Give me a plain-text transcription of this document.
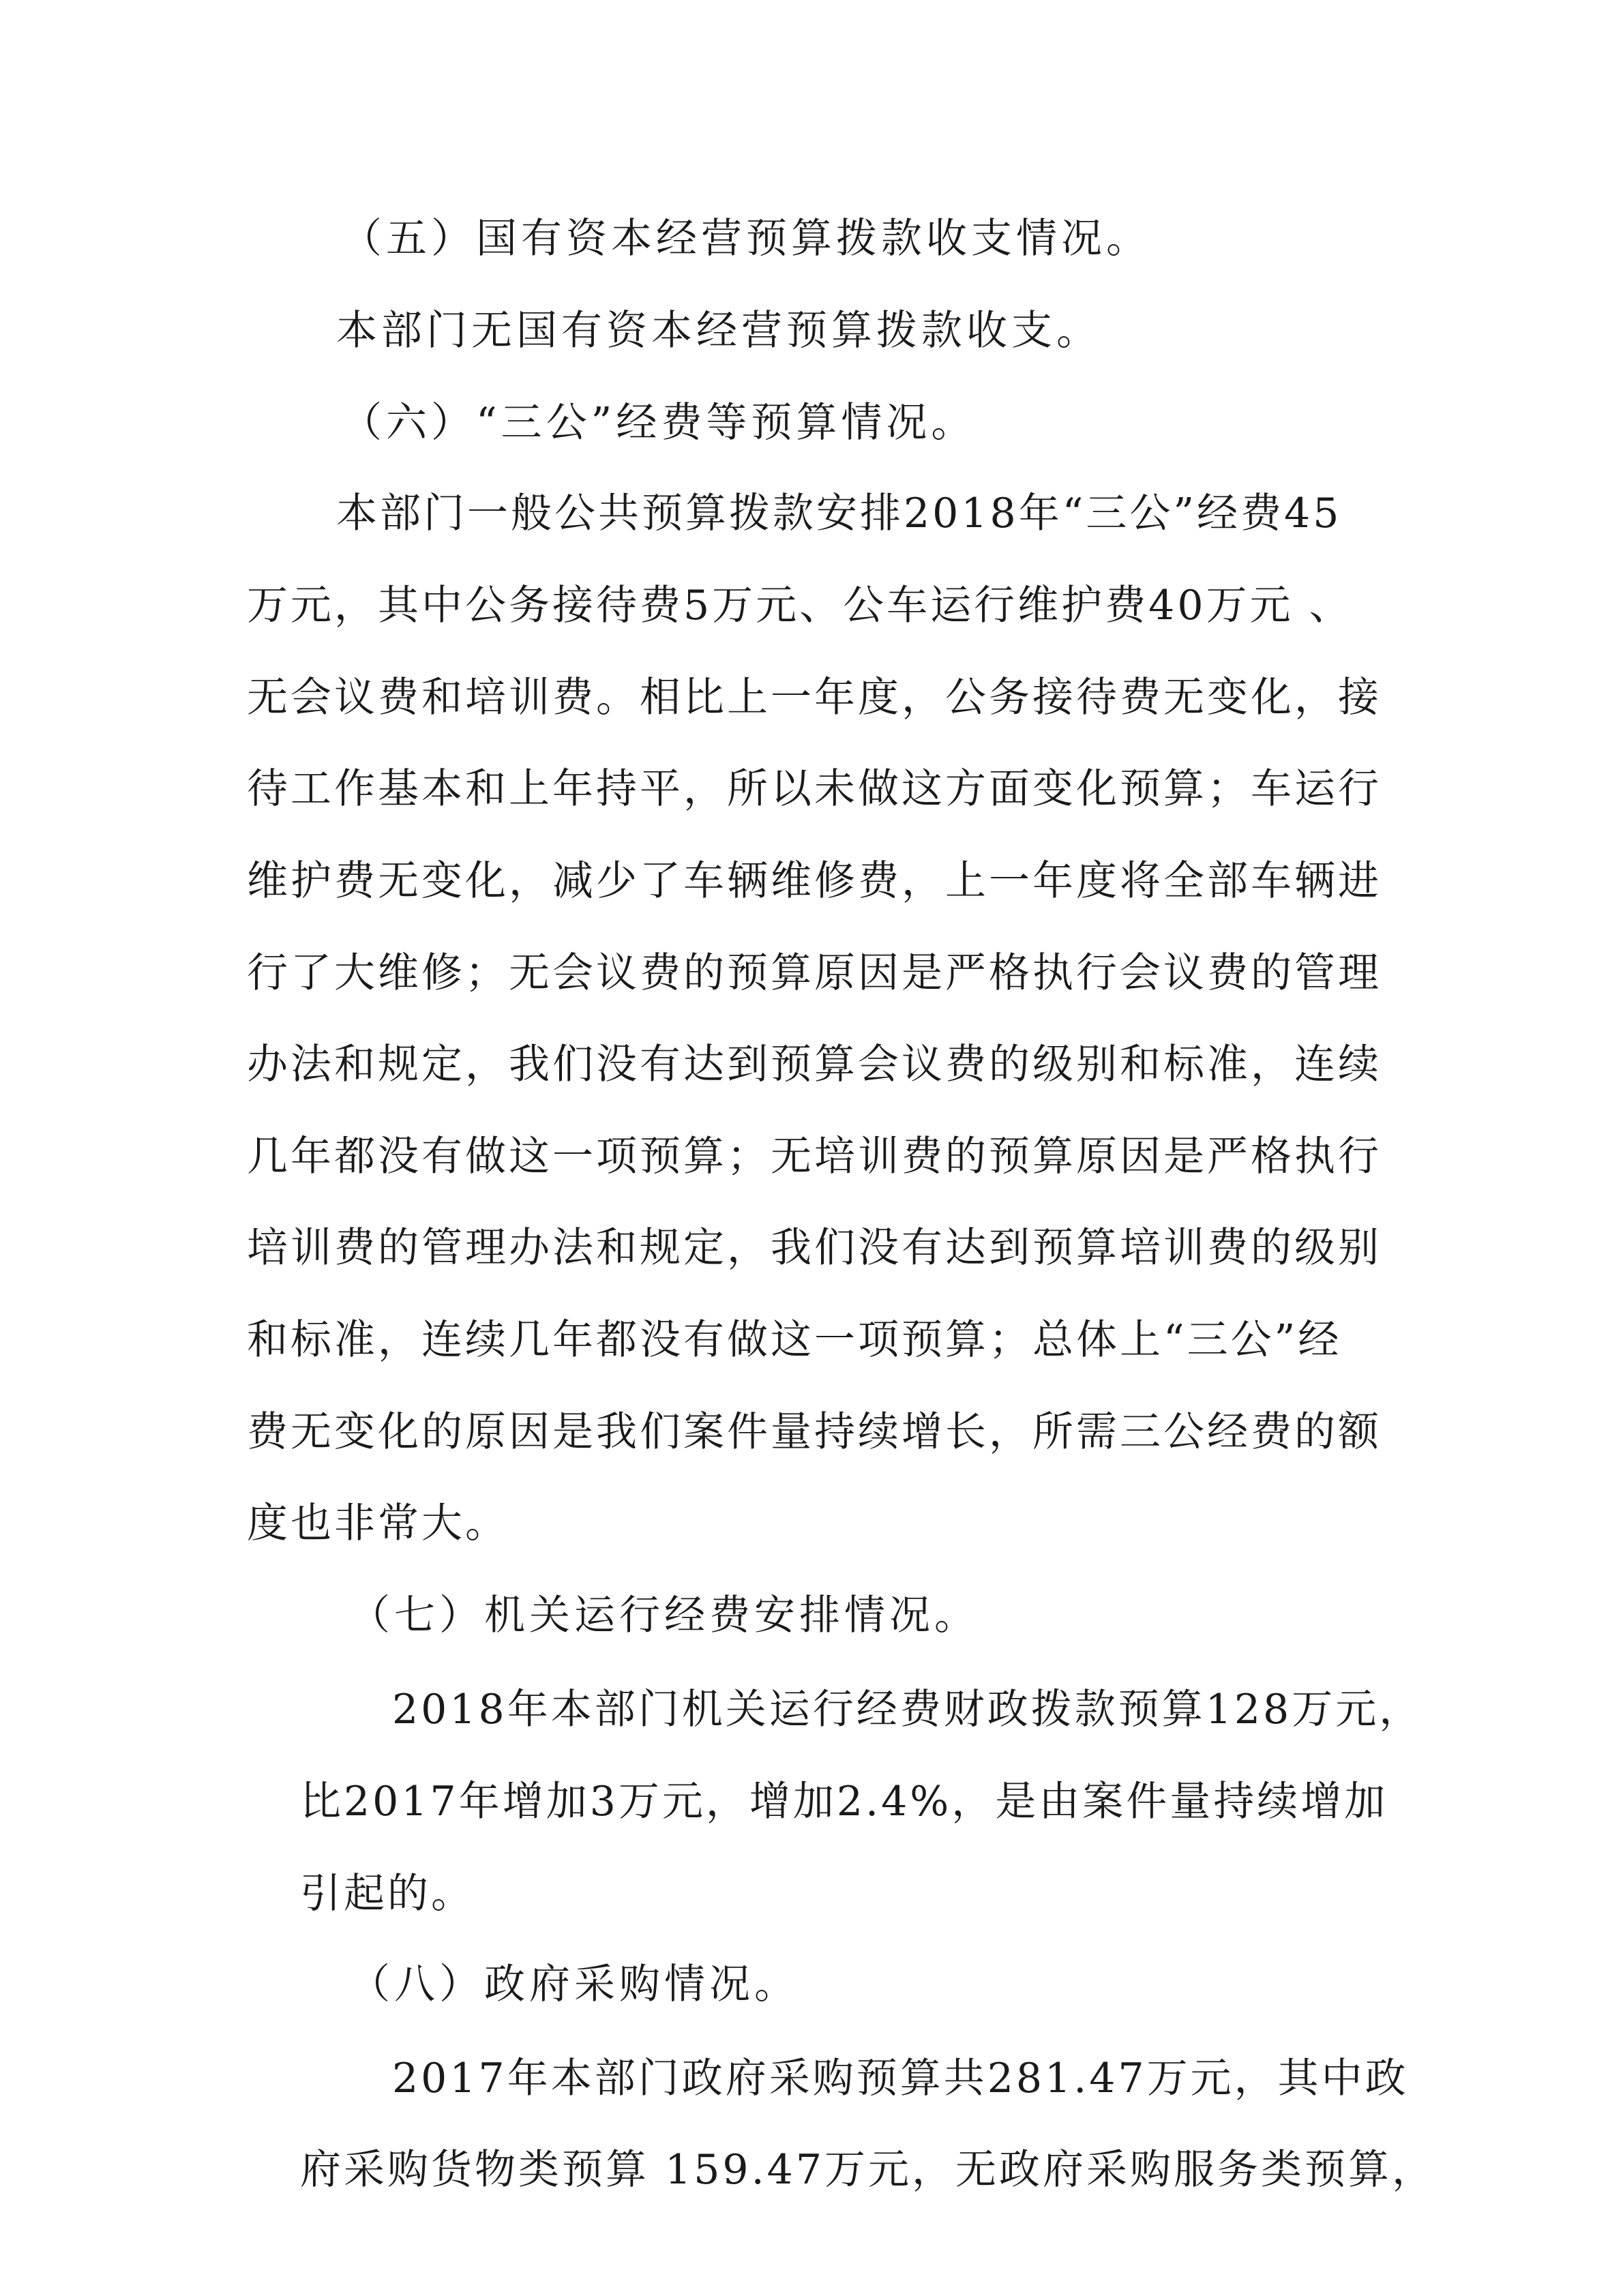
（五）国有资本经营预算拨款收支情况。
本部门无国有资本经营预算拨款收支。
（六）“三公”经费等预算情况。
本部门一般公共预算拨款安排2018年“三公”经费45
万元，其中公务接待费5万元、公车运行维护费40万元 、
无会议费和培训费。相比上一年度，公务接待费无变化，接
待工作基本和上年持平，所以未做这方面变化预算；车运行
维护费无变化，减少了车辆维修费，上一年度将全部车辆进
行了大维修；无会议费的预算原因是严格执行会议费的管理
办法和规定，我们没有达到预算会议费的级别和标准，连续
几年都没有做这一项预算；无培训费的预算原因是严格执行
培训费的管理办法和规定，我们没有达到预算培训费的级别
和标准，连续几年都没有做这一项预算；总体上“三公”经
费无变化的原因是我们案件量持续增长，所需三公经费的额
度也非常大。
（七）机关运行经费安排情况。
2018年本部门机关运行经费财政拨款预算128万元，
比2017年增加3万元，增加2.4%，是由案件量持续增加
引起的。
（八）政府采购情况。
2017年本部门政府采购预算共281.47万元，其中政
府采购货物类预算 159.47万元，无政府采购服务类预算，
